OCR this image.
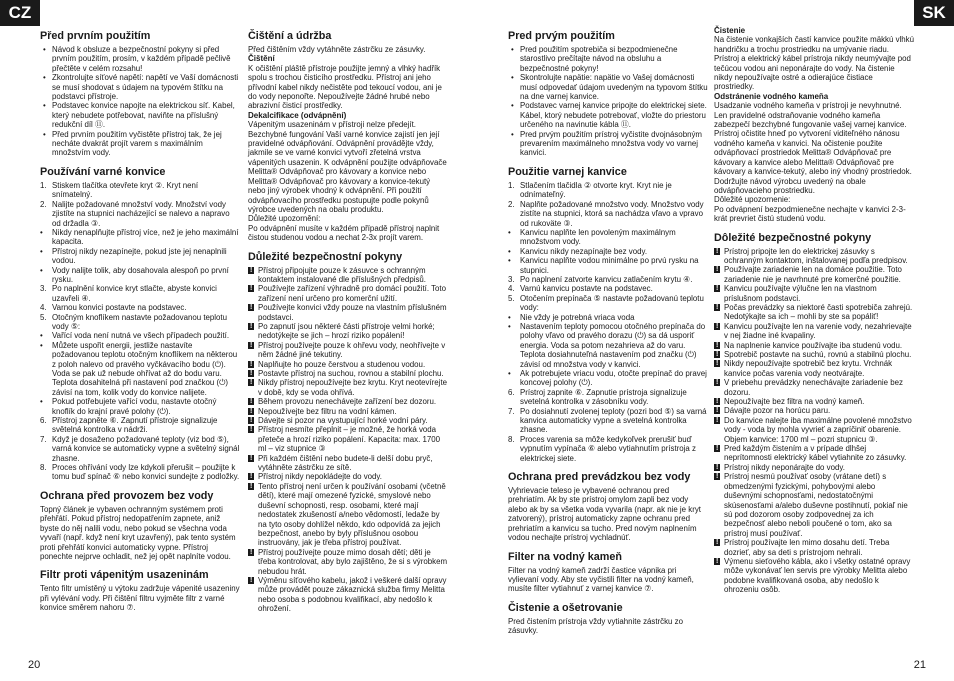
CZ
Před prvním použitím
• Návod k obsluze a bezpečnostní pokyny si před prvním použitím, prosím, v každém případě pečlivě přečtěte v celém rozsahu!
• Zkontrolujte síťové napětí: napětí ve Vaší domácnosti se musí shodovat s údajem na typovém štítku na podstavci přístroje.
• Podstavec konvice napojte na elektrickou síť. Kabel, který nebudete potřebovat, naviňte na příslušný redukční díl ⑪.
• Před prvním použitím vyčistěte přístroj tak, že jej necháte dvakrát projít varem s maximálním množstvím vody.
Používání varné konvice
1. Stiskem tlačítka otevřete kryt ②. Kryt není snímatelný.
2. Nalijte požadované množství vody. Množství vody zjistíte na stupnici nacházející se nalevo a napravo od držadla ③.
• Nikdy nenaplňujte přístroj více, než je jeho maximální kapacita.
• Přístroj nikdy nezapínejte, pokud jste jej nenaplnili vodou.
• Vody nalijte tolik, aby dosahovala alespoň po první rysku.
3. Po naplnění konvice kryt stlačte, abyste konvici uzavřeli ④.
4. Varnou konvici postavte na podstavec.
5. Otočným knoflíkem nastavte požadovanou teplotu vody ⑤:
• Vařící voda není nutná ve všech případech použití.
• Můžete uspořit energii, jestliže nastavíte požadovanou teplotu otočným knoflíkem na některou z poloh nalevo od pravého vyčkávacího bodu (⏻). Voda se pak už nebude ohřívat až do bodu varu. Teplota dosahitelná při nastavení pod značkou (⏻) závisí na tom, kolik vody do konvice nalijete.
• Pokud potřebujete vařící vodu, nastavte otočný knoflík do krajní pravé polohy (⏻).
6. Přístroj zapněte ⑥. Zapnutí přístroje signalizuje světelná kontrolka v nádrži.
7. Když je dosaženo požadované teploty (viz bod ⑤), varná konvice se automaticky vypne a světelný signál zhasne.
8. Proces ohřívání vody lze kdykoli přerušit – použijte k tomu buď spínač ⑥ nebo konvici sundejte z podložky.
Ochrana před provozem bez vody

Topný článek je vybaven ochranným systémem proti přehřátí. Pokud přístroj nedopatřením zapnete, aniž byste do něj nalili vodu, nebo pokud se všechna voda vyvaří (např. když není kryt uzavřený), pak tento systém proti přehřátí konvici automaticky vypne. Přístroj ponechte nejprve ochladit, než jej opět naplníte vodou.

Filtr proti vápenitým usazeninám

Tento filtr umístěný u výtoku zadržuje vápenité usazeniny při vylévání vody. Při čištění filtru vyjměte filtr z varné konvice směrem nahoru ⑦.

Čištění a údržba

Před čištěním vždy vytáhněte zástrčku ze zásuvky.

Čištění

K očištění pláště přístroje použijte jemný a vlhký hadřík spolu s trochou čisticího prostředku. Přístroj ani jeho přívodní kabel nikdy nečistěte pod tekoucí vodou, ani je do vody neponořte. Nepoužívejte žádné hrubé nebo abrazivní čisticí prostředky.

Dekalcifikace (odvápnění)

Vápenitým usazeninám v přístroji nelze předejít. Bezchybné fungování Vaší varné konvice zajistí jen její pravidelné odvápňování. Odvápnění provádějte vždy, jakmile se ve varné konvici vytvoří zřetelná vrstva vápenitých usazenin. K odvápnění použijte odvápňovače Melitta® Odvápňovač pro kávovary a konvice nebo Melitta® Odvápňovač pro kávovary a konvice-tekutý nebo jiný výrobek vhodný k odvápnění. Při použití odvápňovacího prostředku postupujte podle pokynů výrobce uvedených na obalu produktu.

Důležité upozornění:

Po odvápnění musíte v každém případě přístroj naplnit čistou studenou vodou a nechat 2-3x projít varem.

Důležité bezpečnostní pokyny
Přístroj připojujte pouze k zásuvce s ochranným kontaktem instalované dle příslušných předpisů. !
Používejte zařízení výhradně pro domácí použití. Toto zařízení není určeno pro komerční užití. !
Používejte konvici vždy pouze na vlastním příslušném podstavci. !
Po zapnutí jsou některé části přístroje velmi horké; nedotýkejte se jich – hrozí riziko popálení! !
Přístroj používejte pouze k ohřevu vody, neohřívejte v něm žádné jiné tekutiny. !
Naplňujte ho pouze čerstvou a studenou vodou. !
Postavte přístroj na suchou, rovnou a stabilní plochu. !
Nikdy přístroj nepoužívejte bez krytu. Kryt neotevírejte v době, kdy se voda ohřívá. !
Během provozu nenechávejte zařízení bez dozoru. !
Nepoužívejte bez filtru na vodní kámen. !
Dávejte si pozor na vystupující horké vodní páry. !
Přístroj nesmíte přeplnit – je možné, že horká voda přeteče a hrozí riziko popálení. Kapacita: max. 1700 ml – viz stupnice ③ !
Při každém čištění nebo budete-li delší dobu pryč, vytáhněte zástrčku ze sítě. !
Přístroj nikdy nepokládejte do vody. !
Tento přístroj není určen k používání osobami (včetně dětí), které mají omezené fyzické, smyslové nebo duševní schopnosti, resp. osobami, které mají nedostatek zkušeností a/nebo vědomostí, ledaže by na tyto osoby dohlížel někdo, kdo odpovídá za jejich bezpečnost, anebo by byly příslušnou osobou instruovány, jak je třeba přístroj používat. !
Přístroj používejte pouze mimo dosah dětí; děti je třeba kontrolovat, aby bylo zajištěno, že si s výrobkem nebudou hrát. !
Výměnu síťového kabelu, jakož i veškeré další opravy může provádět pouze zákaznická služba firmy Melitta nebo osoba s podobnou kvalifikací, aby nedošlo k ohrožení. !
20
SK
Pred prvým použitím
• Pred použitím spotrebiča si bezpodmienečne starostlivo prečítajte návod na obsluhu a bezpečnostné pokyny!
• Skontrolujte napätie: napätie vo Vašej domácnosti musí odpovedať údajom uvedeným na typovom štítku na dne varnej kanvice.
• Podstavec varnej kanvice pripojte do elektrickej siete. Kábel, ktorý nebudete potrebovať, vložte do priestoru určeného na navinutie kábla ⑪.
• Pred prvým použitím prístroj vyčistite dvojnásobným prevarením maximálneho množstva vody vo varnej kanvici.
Použitie varnej kanvice
1. Stlačením tlačidla ② otvorte kryt. Kryt nie je odnímateľný.
2. Naplňte požadované množstvo vody. Množstvo vody zistíte na stupnici, ktorá sa nachádza vľavo a vpravo od rukoväte ③.
• Kanvicu naplňte len povoleným maximálnym množstvom vody.
• Kanvicu nikdy nezapínajte bez vody.
• Kanvicu naplňte vodou minimálne po prvú rysku na stupnici.
3. Po naplnení zatvorte kanvicu zatlačením krytu ④.
4. Varnú kanvicu postavte na podstavec.
5. Otočením prepínača ⑤ nastavte požadovanú teplotu vody:
• Nie vždy je potrebná vriaca voda
• Nastavením teploty pomocou otočného prepínača do polohy vľavo od pravého dorazu (⏻) sa dá usporiť energia. Voda sa potom nezahrieva až do varu. Teplota dosiahnuteľná nastavením pod značku (⏻) závisí od množstva vody v kanvici.
• Ak potrebujete vriacu vodu, otočte prepínač do pravej koncovej polohy (⏻).
6. Prístroj zapnite ⑥. Zapnutie prístroja signalizuje svetelná kontrolka v zásobníku vody.
7. Po dosiahnutí zvolenej teploty (pozri bod ⑤) sa varná kanvica automaticky vypne a svetelná kontrolka zhasne.
8. Proces varenia sa môže kedykoľvek prerušiť buď vypnutím vypínača ⑥ alebo vytiahnutím prístroja z elektrickej siete.
Ochrana pred prevádzkou bez vody

Vyhrievacie teleso je vybavené ochranou pred prehriatím. Ak by ste prístroj omylom zapli bez vody alebo ak by sa všetka voda vyvarila (napr. ak nie je kryt zatvorený), prístroj automaticky zapne ochranu pred prehriatím a kanvicu sa tucho. Pred novým naplnením vodou nechajte prístroj vychladnúť.

Filter na vodný kameň

Filter na vodný kameň zadrží častice vápnika pri vylievaní vody. Aby ste vyčistili filter na vodný kameň, musíte filter vytiahnuť z varnej kanvice ⑦.

Čistenie a ošetrovanie

Pred čistením prístroja vždy vytiahnite zástrčku zo zásuvky.

Čistenie

Na čistenie vonkajších častí kanvice použite mäkkú vlhkú handričku a trochu prostriedku na umývanie riadu. Prístroj a elektrický kábel prístroja nikdy neumývajte pod tečúcou vodou ani neponárajte do vody. Na čistenie nikdy nepoužívajte ostré a odierajúce čistiace prostriedky.

Odstránenie vodného kameňa

Usadzanie vodného kameňa v prístroji je nevyhnutné. Len pravidelné odstraňovanie vodného kameňa zabezpečí bezchybné fungovanie vašej varnej kanvice. Prístroj očistite hneď po vytvorení viditeľného nánosu vodného kameňa v kanvici. Na očistenie použite odvápňovací prostriedok Melitta® Odvápňovač pre kávovary a kanvice alebo Melitta® Odvápňovač pre kávovary a kanvice-tekutý, alebo iný vhodný prostriedok. Dodržujte návod výrobcu uvedený na obale odvápňovacieho prostriedku.

Dôležité upozornenie:

Po odvápnení bezpodmienečne nechajte v kanvici 2-3-krát prevriet čistú studenú vodu.

Dôležité bezpečnostné pokyny
Prístroj pripojte len do elektrickej zásuvky s ochranným kontaktom, inštalovanej podľa predpisov. !
Používajte zariadenie len na domáce použitie. Toto zariadenie nie je navrhnuté pre komerčné použitie. !
Kanvicu používajte výlučne len na vlastnom príslušnom podstavci. !
Počas prevádzky sa niektoré časti spotrebiča zahrejú. Nedotýkajte sa ich – mohli by ste sa popáliť! !
Kanvicu používajte len na varenie vody, nezahrievajte v nej žiadne iné kvapaliny. !
Na naplnenie kanvice používajte iba studenú vodu. !
Spotrebič postavte na suchú, rovnú a stabilnú plochu. !
Nikdy nepoužívajte spotrebič bez krytu. Vrchnák kanvice počas varenia vody neotvárajte. !
V priebehu prevádzky nenechávajte zariadenie bez dozoru. !
Nepoužívajte bez filtra na vodný kameň. !
Dávajte pozor na horúcu paru. !
Do kanvice nalejte iba maximálne povolené množstvo vody - voda by mohla vyvrieť a zapríčiniť obarenie. Objem kanvice: 1700 ml – pozri stupnicu ③. !
Pred každým čistením a v prípade dlhšej neprítomnosti elektrický kábel vytiahnite zo zásuvky. !
Prístroj nikdy neponárajte do vody. !
Prístroj nesmú používať osoby (vrátane detí) s obmedzenými fyzickými, pohybovými alebo duševnými schopnosťami, nedostatočnými skúsenosťami a/alebo duševne postihnutí, pokiaľ nie sú pod dozorom osoby zodpovednej za ich bezpečnosť alebo neboli poučené o tom, ako sa prístroj musí používať. !
Prístroj používajte len mimo dosahu detí. Treba dozrieť, aby sa deti s prístrojom nehrali. !
Výmenu sieťového kábla, ako i všetky ostatné opravy môže vykonávať len servis pre výrobky Melitta alebo podobne kvalifikovaná osoba, aby nedošlo k ohrozeniu osôb. !
21
